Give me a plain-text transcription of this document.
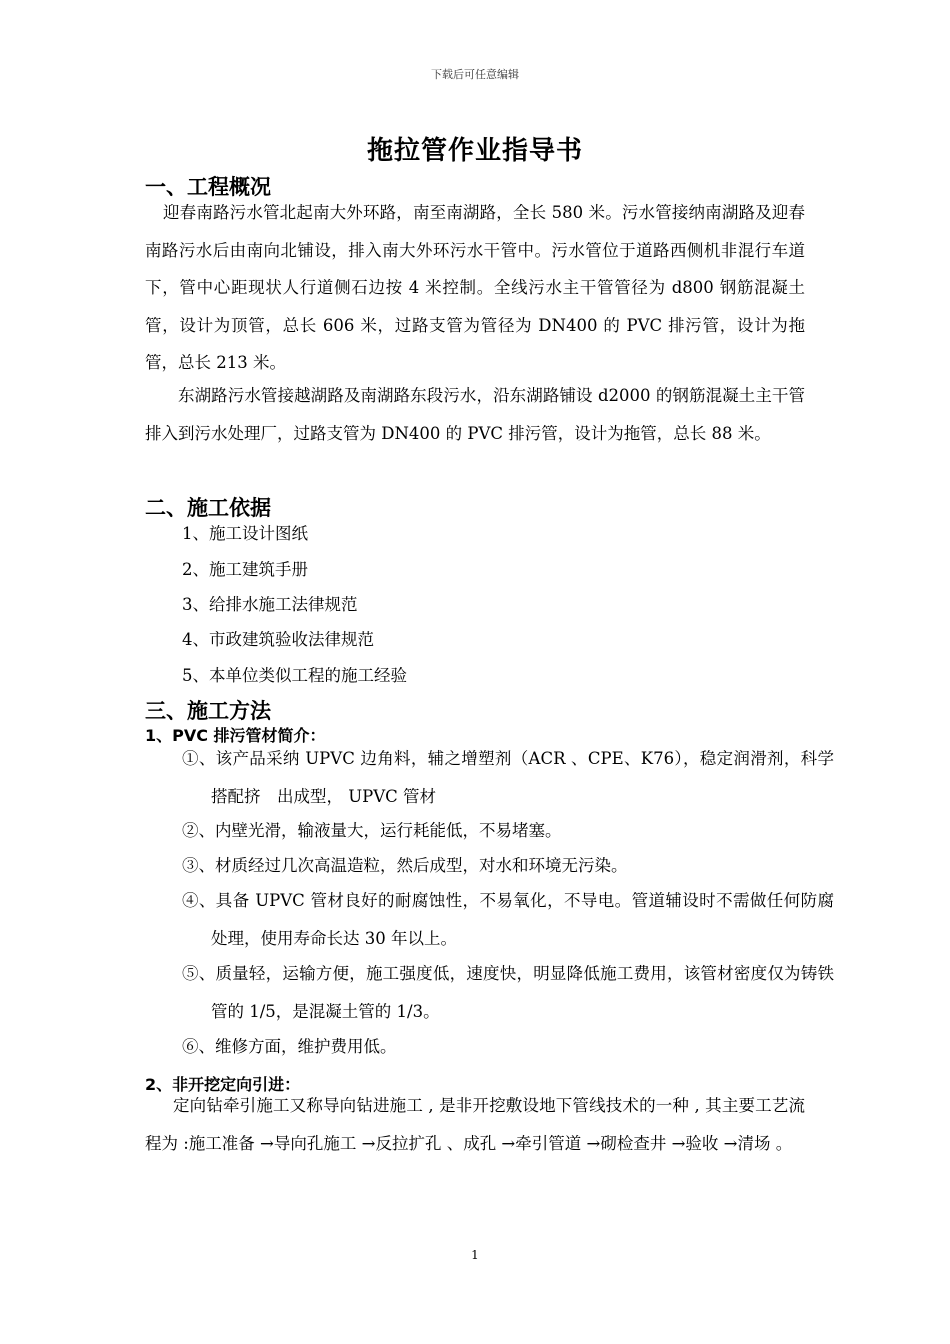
下载后可任意编辑
拖拉管作业指导书
一、工程概况
迎春南路污水管北起南大外环路，南至南湖路，全长 580 米。污水管接纳南湖路及迎春南路污水后由南向北铺设，排入南大外环污水干管中。污水管位于道路西侧机非混行车道下，管中心距现状人行道侧石边按 4 米控制。全线污水主干管管径为 d800 钢筋混凝土管，设计为顶管，总长 606 米，过路支管为管径为 DN400 的 PVC 排污管，设计为拖管，总长 213 米。
东湖路污水管接越湖路及南湖路东段污水，沿东湖路铺设 d2000 的钢筋混凝土主干管排入到污水处理厂，过路支管为 DN400 的 PVC 排污管，设计为拖管，总长 88 米。
二、施工依据
1、施工设计图纸
2、施工建筑手册
3、给排水施工法律规范
4、市政建筑验收法律规范
5、本单位类似工程的施工经验
三、施工方法
1、PVC 排污管材简介：
①、该产品采纳 UPVC 边角料，辅之增塑剂（ACR 、CPE、K76），稳定润滑剂，科学搭配挤　出成型， UPVC 管材
②、内壁光滑，输液量大，运行耗能低，不易堵塞。
③、材质经过几次高温造粒，然后成型，对水和环境无污染。
④、具备 UPVC 管材良好的耐腐蚀性，不易氧化，不导电。管道辅设时不需做任何防腐处理，使用寿命长达 30 年以上。
⑤、质量轻，运输方便，施工强度低，速度快，明显降低施工费用，该管材密度仅为铸铁管的 1/5，是混凝土管的 1/3。
⑥、维修方面，维护费用低。
2、非开挖定向引进：
定向钻牵引施工又称导向钻进施工 , 是非开挖敷设地下管线技术的一种 , 其主要工艺流程为 :施工准备 →导向孔施工 →反拉扩孔 、成孔 →牵引管道 →砌检查井 →验收 →清场 。
1
